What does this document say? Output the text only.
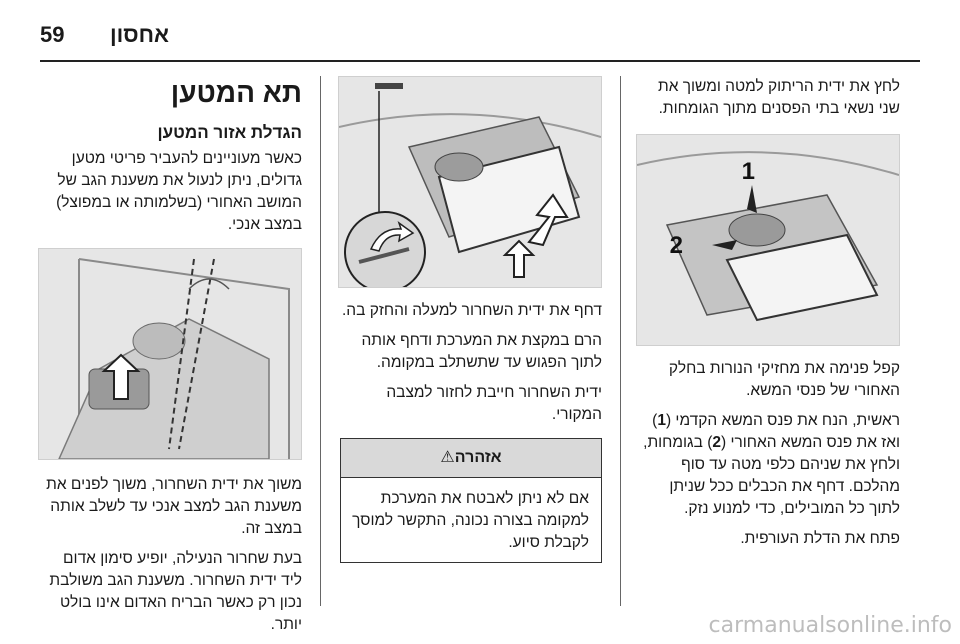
59 אחסון
תא המטען
הגדלת אזור המטען

כאשר מעוניינים להעביר פריטי מטען גדולים, ניתן לנעול את משענת הגב של המושב האחורי (בשלמותה או במפוצל) במצב אנכי.

משוך את ידית השחרור, משוך לפנים את משענת הגב למצב אנכי עד לשלב אותה במצב זה.

בעת שחרור הנעילה, יופיע סימון אדום ליד ידית השחרור. משענת הגב משולבת נכון רק כאשר הבריח האדום אינו בולט יותר.

דחף את ידית השחרור למעלה והחזק בה.

הרם במקצת את המערכת ודחף אותה לתוך הפגוש עד שתשתלב במקומה.

ידית השחרור חייבת לחזור למצבה המקורי.

אזהרה⚠
אם לא ניתן לאבטח את המערכת למקומה בצורה נכונה, התקשר למוסך לקבלת סיוע.

לחץ את ידית הריתוק למטה ומשוך את שני נשאי בתי הפסנים מתוך הגומחות.

1
2

קפל פנימה את מחזיקי הנורות בחלק האחורי של פנסי המשא.

ראשית, הנח את פנס המשא הקדמי (1) ואז את פנס המשא האחורי (2) בגומחות, ולחץ את שניהם כלפי מטה עד סוף מהלכם. דחף את הכבלים ככל שניתן לתוך כל המובילים, כדי למנוע נזק.

פתח את הדלת העורפית.

carmanualsonline.info
